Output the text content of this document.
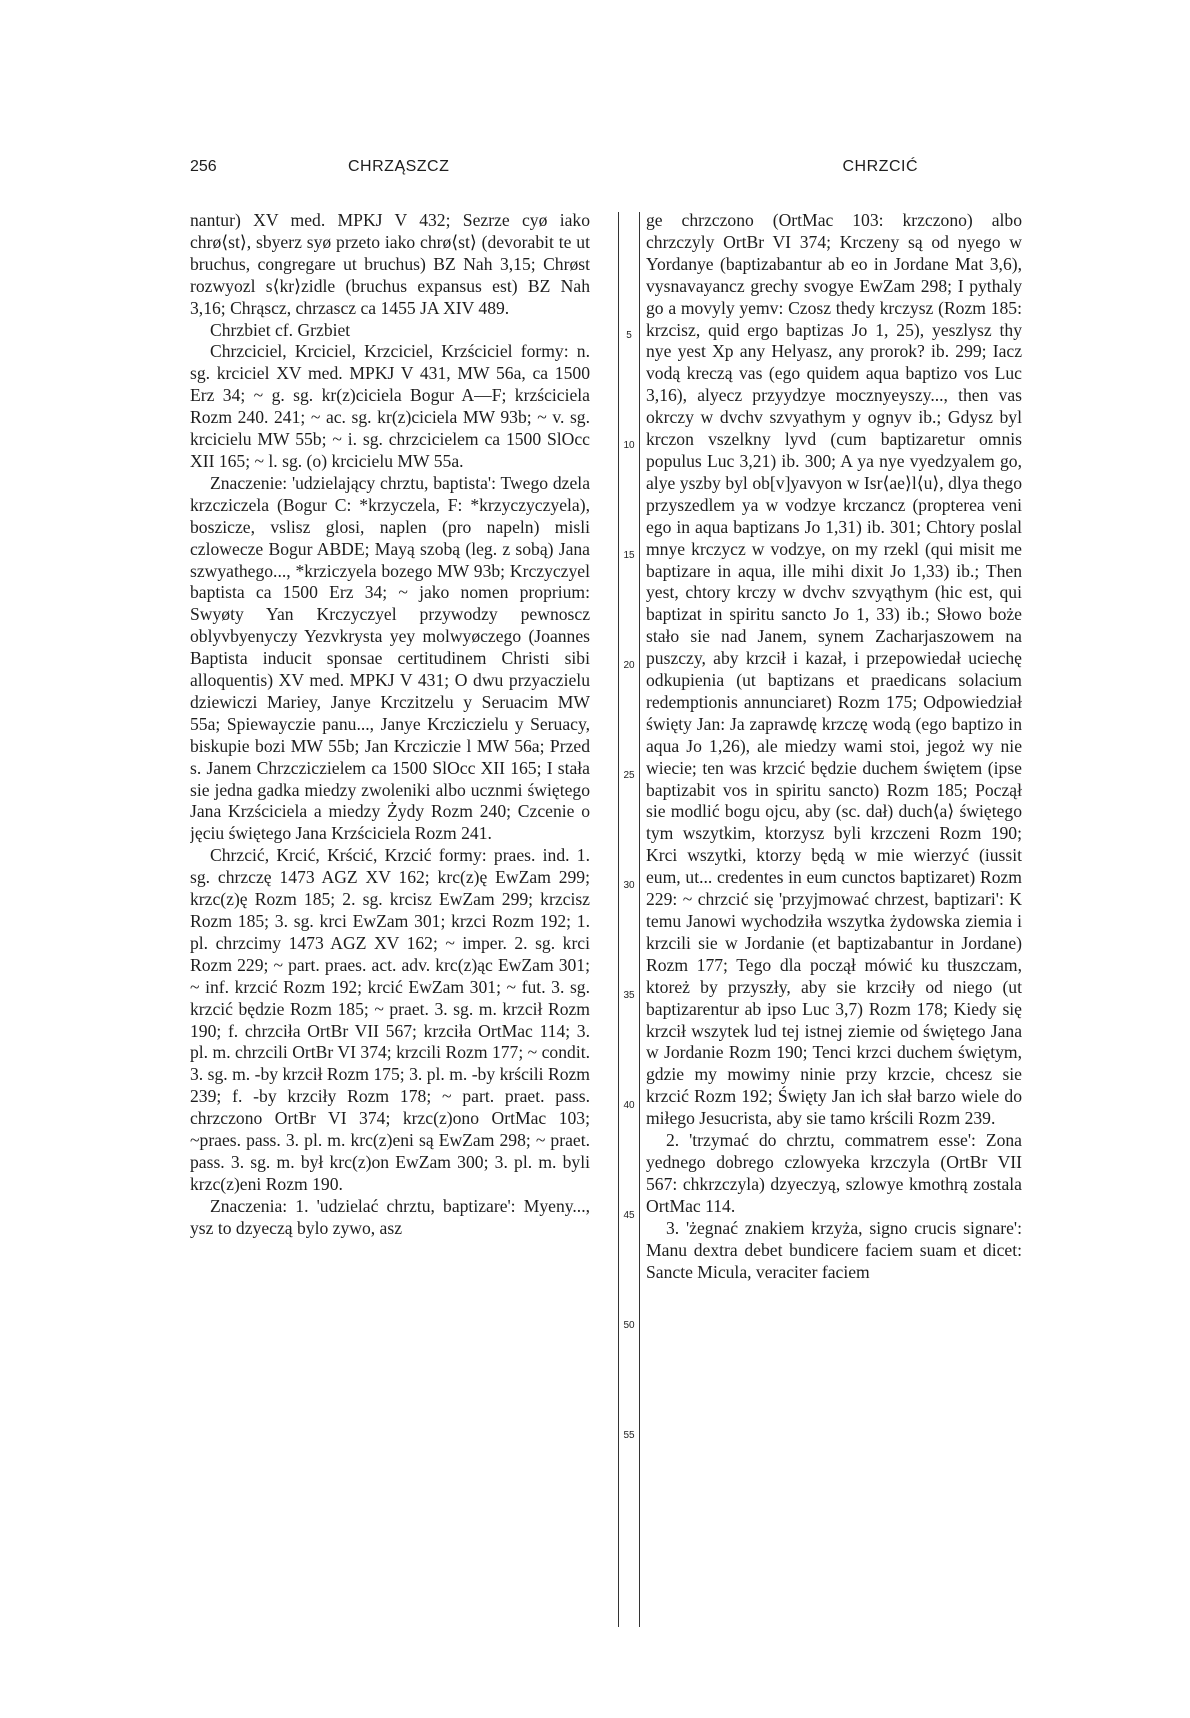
256	CHRZĄSZCZ	CHRZCIĆ

nantur) XV med. MPKJ V 432; Sezrze cyø iako chrø⟨st⟩, sbyerz syø przeto iako chrø⟨st⟩ (devorabit te ut bruchus, congregare ut bruchus) BZ Nah 3,15; Chrøst rozwyozl s⟨kr⟩zidle (bruchus expansus est) BZ Nah 3,16; Chrąscz, chrzascz ca 1455 JA XIV 489.

Chrzbiet cf. Grzbiet

Chrzciciel, Krciciel, Krzciciel, Krzściciel formy: n. sg. krciciel XV med. MPKJ V 431, MW 56a, ca 1500 Erz 34; ~ g. sg. kr(z)ciciela Bogur A—F; krzściciela Rozm 240. 241; ~ ac. sg. kr(z)ciciela MW 93b; ~ v. sg. krcicielu MW 55b; ~ i. sg. chrzcicielem ca 1500 SlOcc XII 165; ~ l. sg. (o) krcicielu MW 55a.

Znaczenie: 'udzielający chrztu, baptista': Twego dzela krzcziczela (Bogur C: *krzyczela, F: *krzyczyczyela), boszicze, vslisz glosi, naplen (pro napeln) misli czlowecze Bogur ABDE; Mayą szobą (leg. z sobą) Jana szwyathego..., *krziczyela bozego MW 93b; Krczyczyel baptista ca 1500 Erz 34; ~ jako nomen proprium: Swyøty Yan Krczyczyel przywodzy pewnoscz oblyvbyenyczy Yezvkrysta yey molwyøczego (Joannes Baptista inducit sponsae certitudinem Christi sibi alloquentis) XV med. MPKJ V 431; O dwu przyaczielu dziewiczi Mariey, Janye Krczitzelu y Seruacim MW 55a; Spiewayczie panu..., Janye Krcziczielu y Seruacy, biskupie bozi MW 55b; Jan Krcziczie l MW 56a; Przed s. Janem Chrzcziczielem ca 1500 SlOcc XII 165; I stała sie jedna gadka miedzy zwoleniki albo ucznmi świętego Jana Krzściciela a miedzy Żydy Rozm 240; Czcenie o jęciu świętego Jana Krzściciela Rozm 241.

Chrzcić, Krcić, Krścić, Krzcić formy: praes. ind. 1. sg. chrzczę 1473 AGZ XV 162; krc(z)ę EwZam 299; krzc(z)ę Rozm 185; 2. sg. krcisz EwZam 299; krzcisz Rozm 185; 3. sg. krci EwZam 301; krzci Rozm 192; 1. pl. chrzcimy 1473 AGZ XV 162; ~ imper. 2. sg. krci Rozm 229; ~ part. praes. act. adv. krc(z)ąc EwZam 301; ~ inf. krzcić Rozm 192; krcić EwZam 301; ~ fut. 3. sg. krzcić będzie Rozm 185; ~ praet. 3. sg. m. krzcił Rozm 190; f. chrzciła OrtBr VII 567; krzciła OrtMac 114; 3. pl. m. chrzcili OrtBr VI 374; krzcili Rozm 177; ~ condit. 3. sg. m. -by krzcił Rozm 175; 3. pl. m. -by krścili Rozm 239; f. -by krzciły Rozm 178; ~ part. praet. pass. chrzczono OrtBr VI 374; krzc(z)ono OrtMac 103; ~praes. pass. 3. pl. m. krc(z)eni są EwZam 298; ~ praet. pass. 3. sg. m. był krc(z)on EwZam 300; 3. pl. m. byli krzc(z)eni Rozm 190.

Znaczenia: 1. 'udzielać chrztu, baptizare': Myeny..., ysz to dzyeczą bylo zywo, asz

5
10
15
20
25
30
35
40
45
50
55

ge chrzczono (OrtMac 103: krzczono) albo chrzczyly OrtBr VI 374; Krczeny są od nyego w Yordanye (baptizabantur ab eo in Jordane Mat 3,6), vysnavayancz grechy svogye EwZam 298; I pythaly go a movyly yemv: Czosz thedy krczysz (Rozm 185: krzcisz, quid ergo baptizas Jo 1, 25), yeszlysz thy nye yest Xp any Helyasz, any prorok? ib. 299; Iacz vodą kreczą vas (ego quidem aqua baptizo vos Luc 3,16), alyecz przyydzye mocznyeyszy..., then vas okrczy w dvchv szvyathym y ognyv ib.; Gdysz byl krczon vszelkny lyvd (cum baptizaretur omnis populus Luc 3,21) ib. 300; A ya nye vyedzyalem go, alye yszby byl ob[v]yavyon w Isr⟨ae⟩l⟨u⟩, dlya thego przyszedlem ya w vodzye krczancz (propterea veni ego in aqua baptizans Jo 1,31) ib. 301; Chtory poslal mnye krczycz w vodzye, on my rzekl (qui misit me baptizare in aqua, ille mihi dixit Jo 1,33) ib.; Then yest, chtory krczy w dvchv szvyąthym (hic est, qui baptizat in spiritu sancto Jo 1, 33) ib.; Słowo boże stało sie nad Janem, synem Zacharjaszowem na puszczy, aby krzcił i kazał, i przepowiedał uciechę odkupienia (ut baptizans et praedicans solacium redemptionis annunciaret) Rozm 175; Odpowiedział święty Jan: Ja zaprawdę krzczę wodą (ego baptizo in aqua Jo 1,26), ale miedzy wami stoi, jegoż wy nie wiecie; ten was krzcić będzie duchem świętem (ipse baptizabit vos in spiritu sancto) Rozm 185; Począł sie modlić bogu ojcu, aby (sc. dał) duch⟨a⟩ świętego tym wszytkim, ktorzysz byli krzczeni Rozm 190; Krci wszytki, ktorzy będą w mie wierzyć (iussit eum, ut... credentes in eum cunctos baptizaret) Rozm 229: ~ chrzcić się 'przyjmować chrzest, baptizari': K temu Janowi wychodziła wszytka żydowska ziemia i krzcili sie w Jordanie (et baptizabantur in Jordane) Rozm 177; Tego dla począł mówić ku tłuszczam, ktoreż by przyszły, aby sie krzciły od niego (ut baptizarentur ab ipso Luc 3,7) Rozm 178; Kiedy się krzcił wszytek lud tej istnej ziemie od świętego Jana w Jordanie Rozm 190; Tenci krzci duchem świętym, gdzie my mowimy ninie przy krzcie, chcesz sie krzcić Rozm 192; Święty Jan ich słał barzo wiele do miłego Jesucrista, aby sie tamo krścili Rozm 239.

2. 'trzymać do chrztu, commatrem esse': Zona yednego dobrego czlowyeka krzczyla (OrtBr VII 567: chkrzczyla) dzyeczyą, szlowye kmothrą zostala OrtMac 114.

3. 'żegnać znakiem krzyża, signo crucis signare': Manu dextra debet bundicere faciem suam et dicet: Sancte Micula, veraciter faciem
